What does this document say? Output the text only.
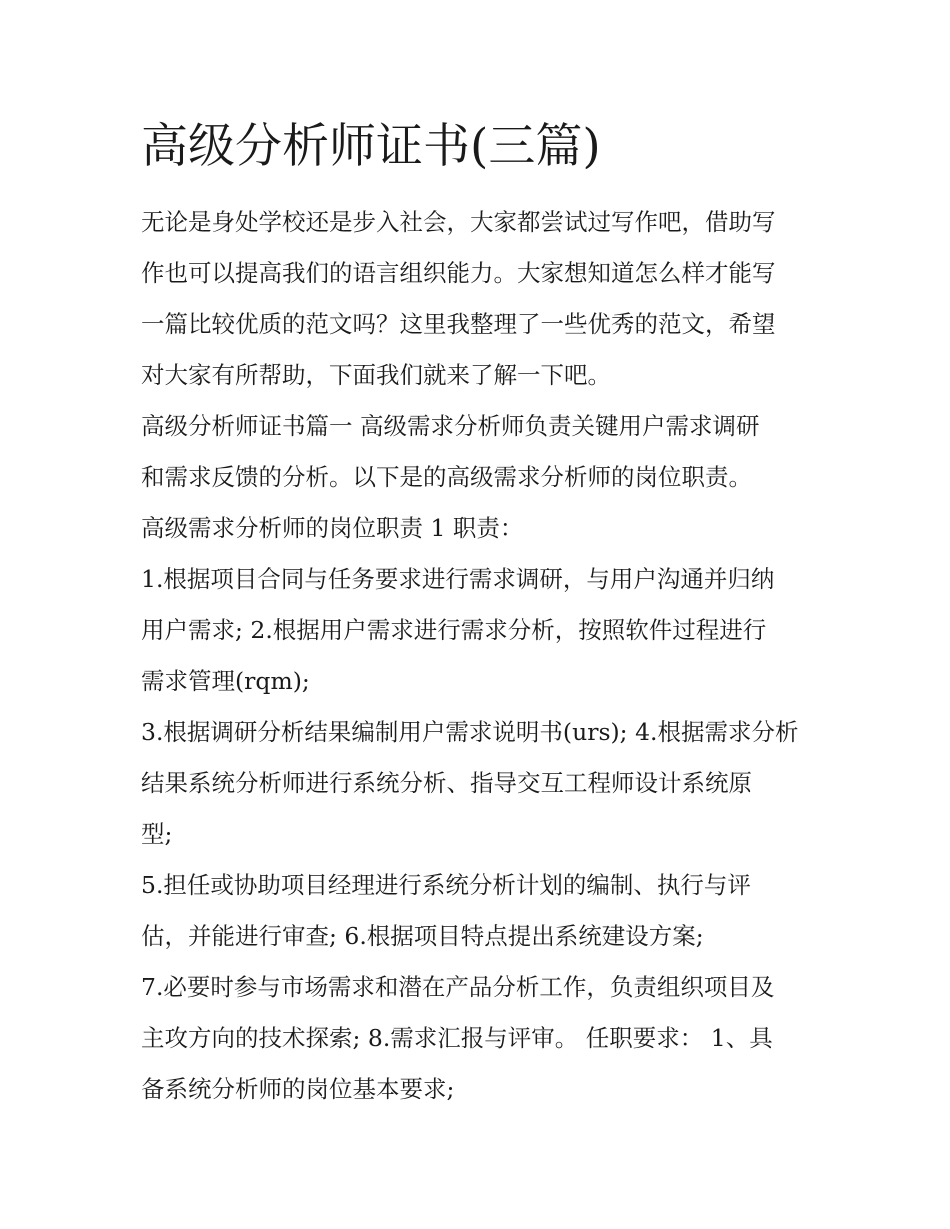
高级分析师证书(三篇)
无论是身处学校还是步入社会，大家都尝试过写作吧，借助写
作也可以提高我们的语言组织能力。大家想知道怎么样才能写
一篇比较优质的范文吗？这里我整理了一些优秀的范文，希望
对大家有所帮助，下面我们就来了解一下吧。
高级分析师证书篇一 高级需求分析师负责关键用户需求调研
和需求反馈的分析。以下是的高级需求分析师的岗位职责。
高级需求分析师的岗位职责 1 职责：
1.根据项目合同与任务要求进行需求调研，与用户沟通并归纳
用户需求; 2.根据用户需求进行需求分析，按照软件过程进行
需求管理(rqm);
3.根据调研分析结果编制用户需求说明书(urs); 4.根据需求分析
结果系统分析师进行系统分析、指导交互工程师设计系统原
型;
5.担任或协助项目经理进行系统分析计划的编制、执行与评
估，并能进行审查; 6.根据项目特点提出系统建设方案;
7.必要时参与市场需求和潜在产品分析工作，负责组织项目及
主攻方向的技术探索; 8.需求汇报与评审。 任职要求： 1、具
备系统分析师的岗位基本要求;
